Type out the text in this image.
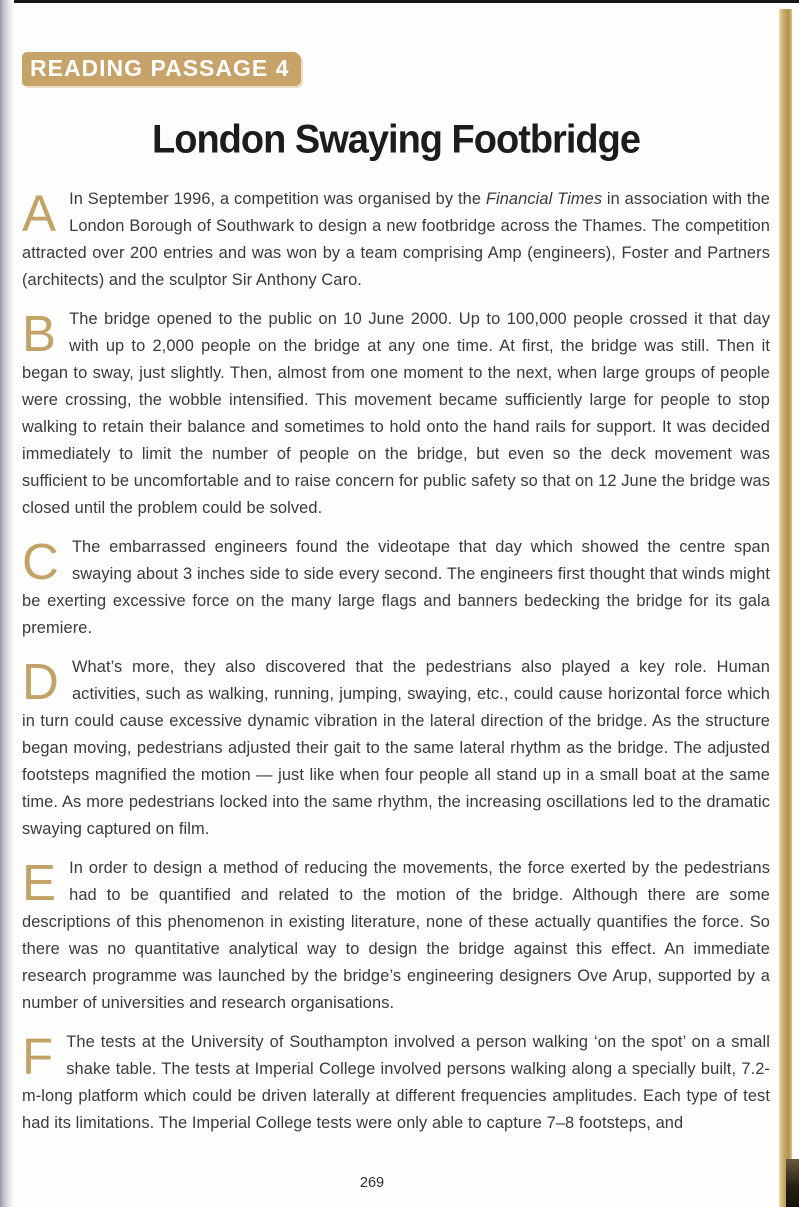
READING PASSAGE 4
London Swaying Footbridge
A In September 1996, a competition was organised by the Financial Times in association with the London Borough of Southwark to design a new footbridge across the Thames. The competition attracted over 200 entries and was won by a team comprising Amp (engineers), Foster and Partners (architects) and the sculptor Sir Anthony Caro.
B The bridge opened to the public on 10 June 2000. Up to 100,000 people crossed it that day with up to 2,000 people on the bridge at any one time. At first, the bridge was still. Then it began to sway, just slightly. Then, almost from one moment to the next, when large groups of people were crossing, the wobble intensified. This movement became sufficiently large for people to stop walking to retain their balance and sometimes to hold onto the hand rails for support. It was decided immediately to limit the number of people on the bridge, but even so the deck movement was sufficient to be uncomfortable and to raise concern for public safety so that on 12 June the bridge was closed until the problem could be solved.
C The embarrassed engineers found the videotape that day which showed the centre span swaying about 3 inches side to side every second. The engineers first thought that winds might be exerting excessive force on the many large flags and banners bedecking the bridge for its gala premiere.
D What’s more, they also discovered that the pedestrians also played a key role. Human activities, such as walking, running, jumping, swaying, etc., could cause horizontal force which in turn could cause excessive dynamic vibration in the lateral direction of the bridge. As the structure began moving, pedestrians adjusted their gait to the same lateral rhythm as the bridge. The adjusted footsteps magnified the motion — just like when four people all stand up in a small boat at the same time. As more pedestrians locked into the same rhythm, the increasing oscillations led to the dramatic swaying captured on film.
E In order to design a method of reducing the movements, the force exerted by the pedestrians had to be quantified and related to the motion of the bridge. Although there are some descriptions of this phenomenon in existing literature, none of these actually quantifies the force. So there was no quantitative analytical way to design the bridge against this effect. An immediate research programme was launched by the bridge’s engineering designers Ove Arup, supported by a number of universities and research organisations.
F The tests at the University of Southampton involved a person walking ‘on the spot’ on a small shake table. The tests at Imperial College involved persons walking along a specially built, 7.2-m-long platform which could be driven laterally at different frequencies amplitudes. Each type of test had its limitations. The Imperial College tests were only able to capture 7–8 footsteps, and
269
